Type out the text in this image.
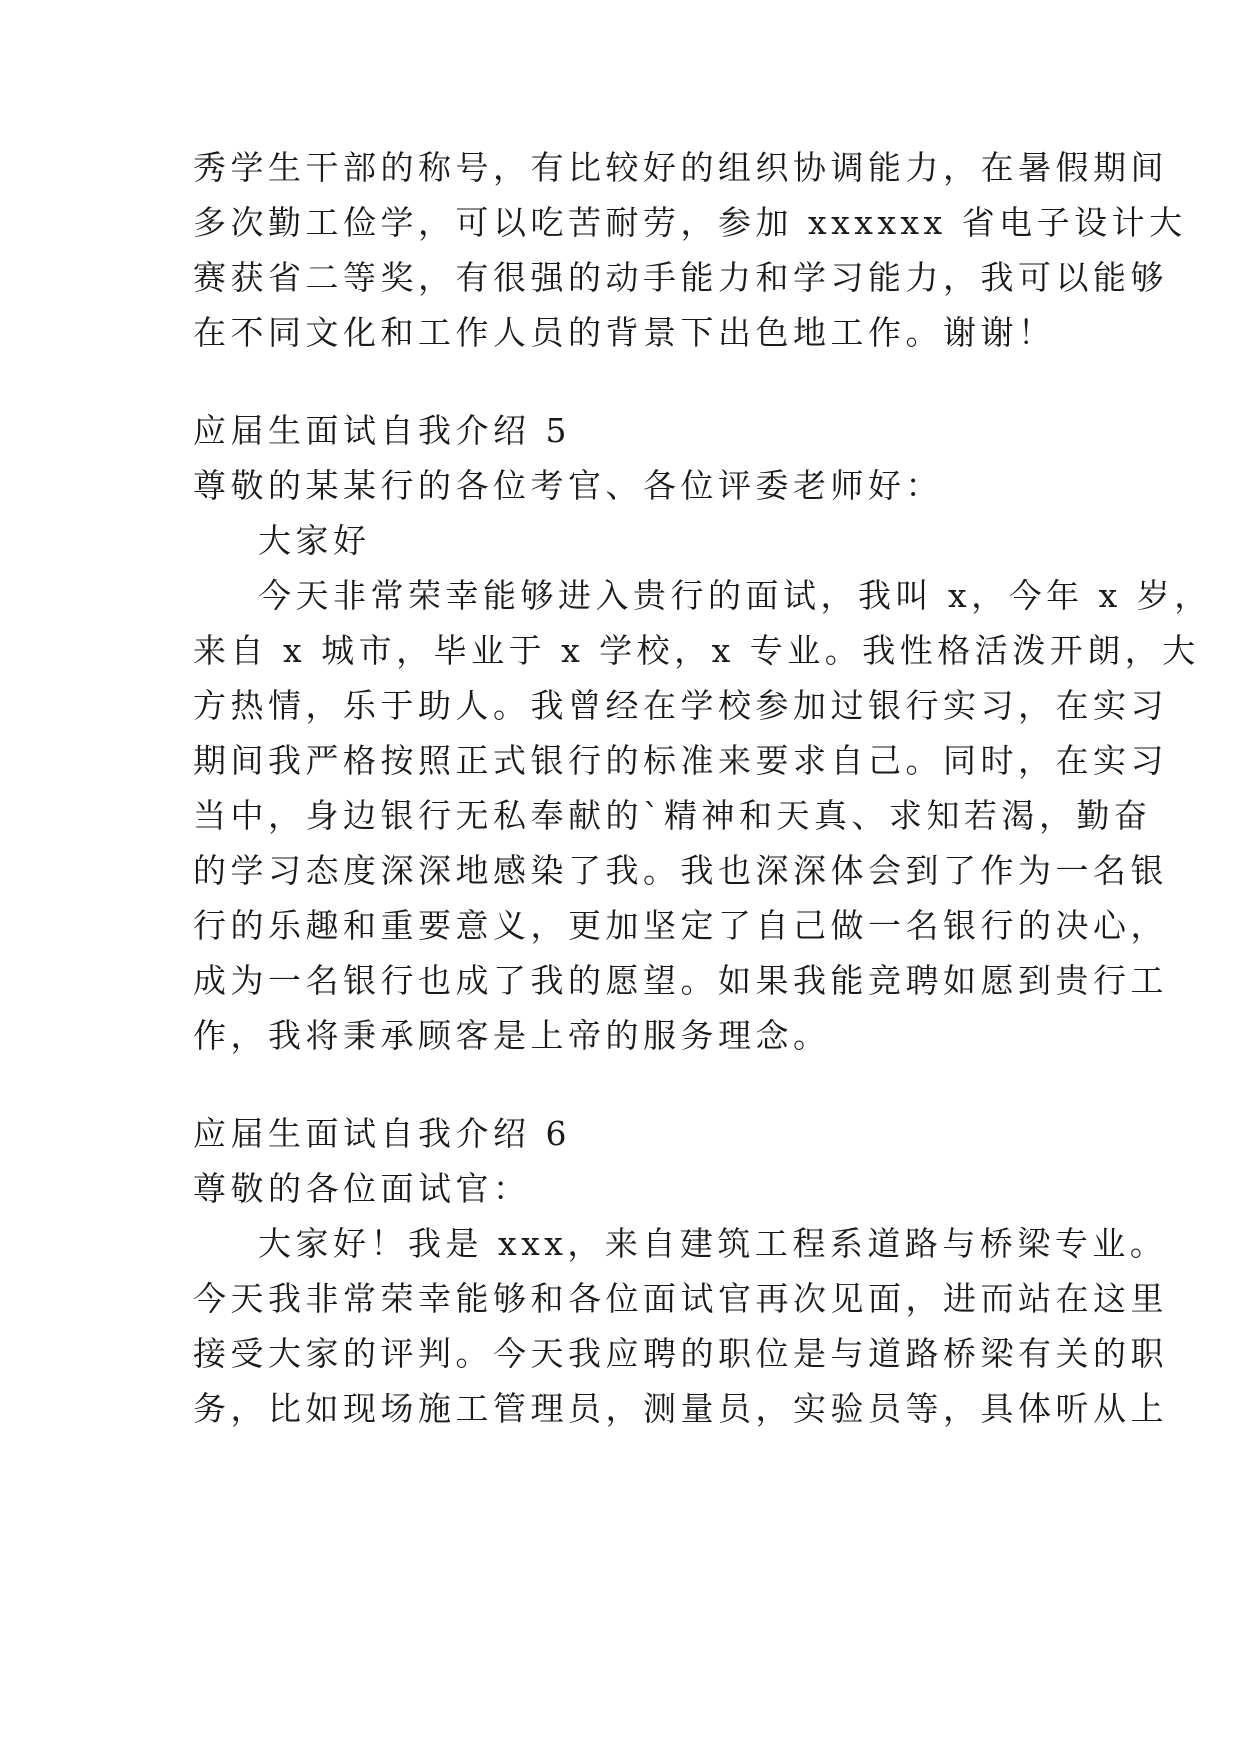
秀学生干部的称号，有比较好的组织协调能力，在暑假期间
多次勤工俭学，可以吃苦耐劳，参加 xxxxxx 省电子设计大
赛获省二等奖，有很强的动手能力和学习能力，我可以能够
在不同文化和工作人员的背景下出色地工作。谢谢！
应届生面试自我介绍 5
尊敬的某某行的各位考官、各位评委老师好：
大家好
今天非常荣幸能够进入贵行的面试，我叫 x，今年 x 岁，
来自 x 城市，毕业于 x 学校，x 专业。我性格活泼开朗，大
方热情，乐于助人。我曾经在学校参加过银行实习，在实习
期间我严格按照正式银行的标准来要求自己。同时，在实习
当中，身边银行无私奉献的`精神和天真、求知若渴，勤奋
的学习态度深深地感染了我。我也深深体会到了作为一名银
行的乐趣和重要意义，更加坚定了自己做一名银行的决心，
成为一名银行也成了我的愿望。如果我能竞聘如愿到贵行工
作，我将秉承顾客是上帝的服务理念。
应届生面试自我介绍 6
尊敬的各位面试官：
大家好！我是 xxx，来自建筑工程系道路与桥梁专业。
今天我非常荣幸能够和各位面试官再次见面，进而站在这里
接受大家的评判。今天我应聘的职位是与道路桥梁有关的职
务，比如现场施工管理员，测量员，实验员等，具体听从上
